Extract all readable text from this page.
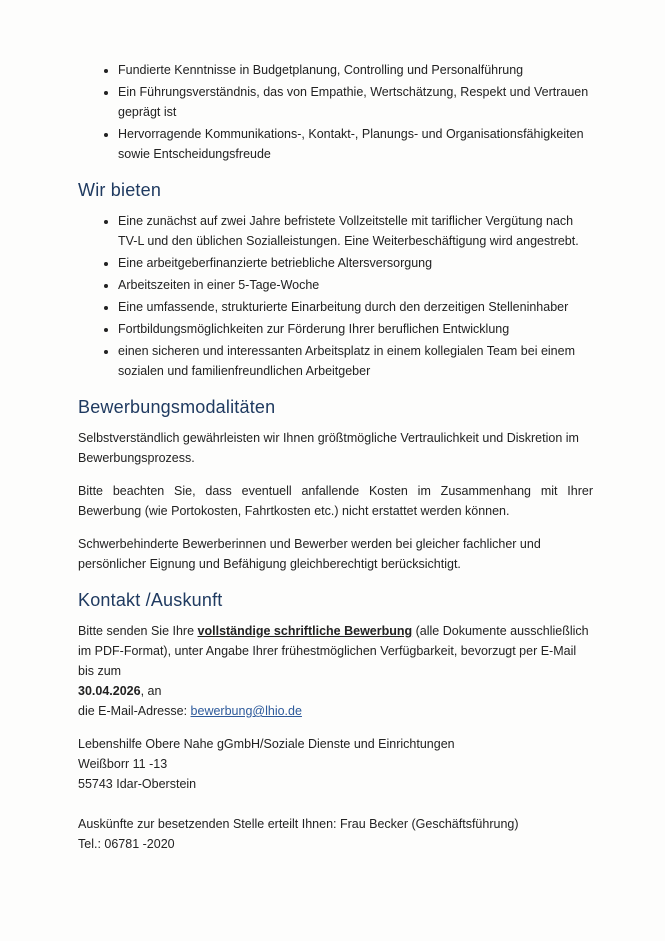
• Fundierte Kenntnisse in Budgetplanung, Controlling und Personalführung
• Ein Führungsverständnis, das von Empathie, Wertschätzung, Respekt und Vertrauen geprägt ist
• Hervorragende Kommunikations-, Kontakt-, Planungs- und Organisationsfähigkeiten sowie Entscheidungsfreude
Wir bieten
• Eine zunächst auf zwei Jahre befristete Vollzeitstelle mit tariflicher Vergütung nach TV-L und den üblichen Sozialleistungen. Eine Weiterbeschäftigung wird angestrebt.
• Eine arbeitgeberfinanzierte betriebliche Altersversorgung
• Arbeitszeiten in einer 5-Tage-Woche
• Eine umfassende, strukturierte Einarbeitung durch den derzeitigen Stelleninhaber
• Fortbildungsmöglichkeiten zur Förderung Ihrer beruflichen Entwicklung
• einen sicheren und interessanten Arbeitsplatz in einem kollegialen Team bei einem sozialen und familienfreundlichen Arbeitgeber
Bewerbungsmodalitäten

Selbstverständlich gewährleisten wir Ihnen größtmögliche Vertraulichkeit und Diskretion im Bewerbungsprozess.

Bitte beachten Sie, dass eventuell anfallende Kosten im Zusammenhang mit Ihrer Bewerbung (wie Portokosten, Fahrtkosten etc.) nicht erstattet werden können.

Schwerbehinderte Bewerberinnen und Bewerber werden bei gleicher fachlicher und persönlicher Eignung und Befähigung gleichberechtigt berücksichtigt.

Kontakt /Auskunft

Bitte senden Sie Ihre vollständige schriftliche Bewerbung (alle Dokumente ausschließlich im PDF-Format), unter Angabe Ihrer frühestmöglichen Verfügbarkeit, bevorzugt per E-Mail bis zum
30.04.2026, an
die E-Mail-Adresse: bewerbung@lhio.de

Lebenshilfe Obere Nahe gGmbH/Soziale Dienste und Einrichtungen
Weißborr 11 -13
55743 Idar-Oberstein
Auskünfte zur besetzenden Stelle erteilt Ihnen: Frau Becker (Geschäftsführung)
Tel.: 06781 -2020
